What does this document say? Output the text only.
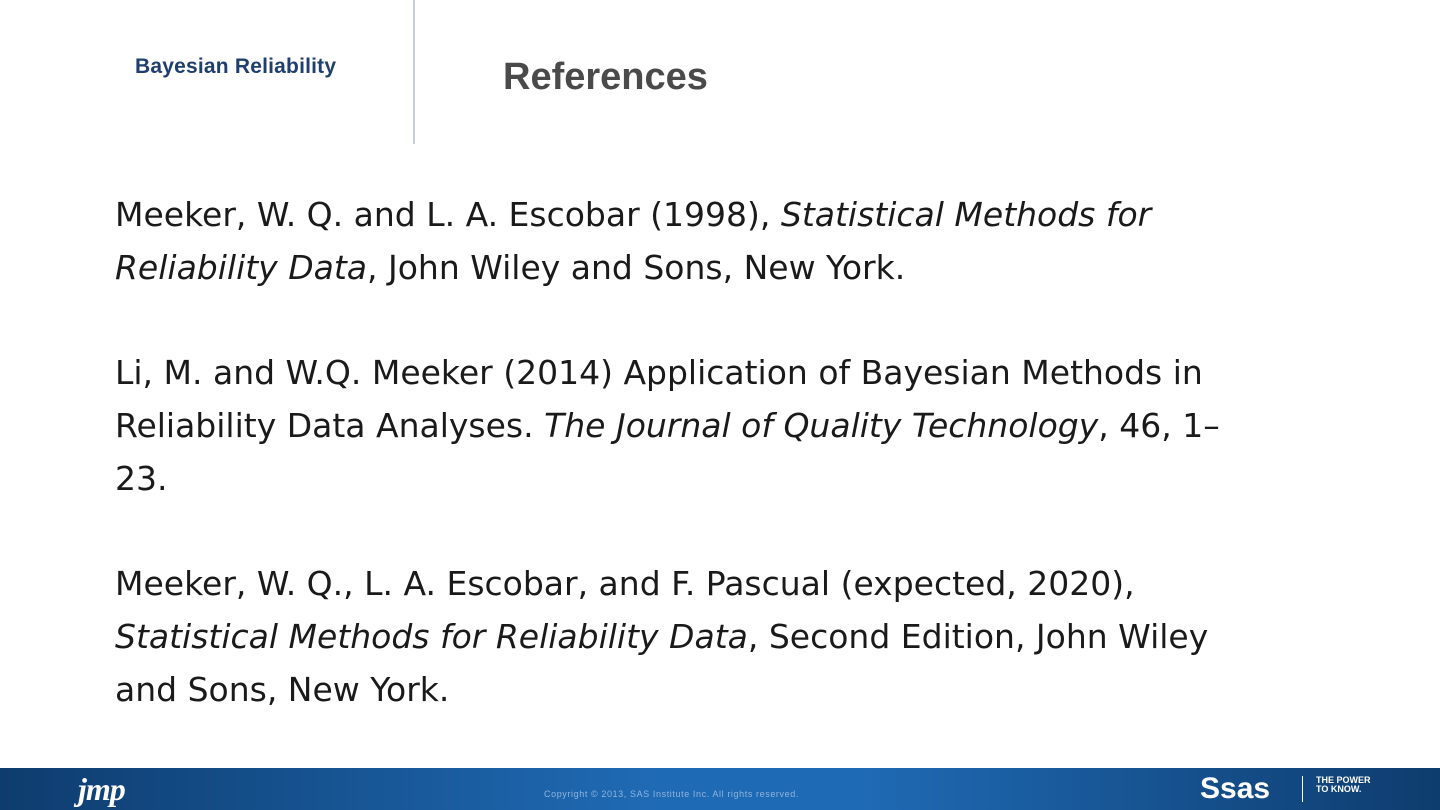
Bayesian Reliability	References

Meeker, W. Q. and L. A. Escobar (1998), Statistical Methods for Reliability Data, John Wiley and Sons, New York.

Li, M. and W.Q. Meeker (2014) Application of Bayesian Methods in Reliability Data Analyses. The Journal of Quality Technology, 46, 1–23.

Meeker, W. Q., L. A. Escobar, and F. Pascual (expected, 2020), Statistical Methods for Reliability Data, Second Edition, John Wiley and Sons, New York.

jmp	Copyright © 2013, SAS Institute Inc. All rights reserved.	Ssas	THE POWER TO KNOW.
